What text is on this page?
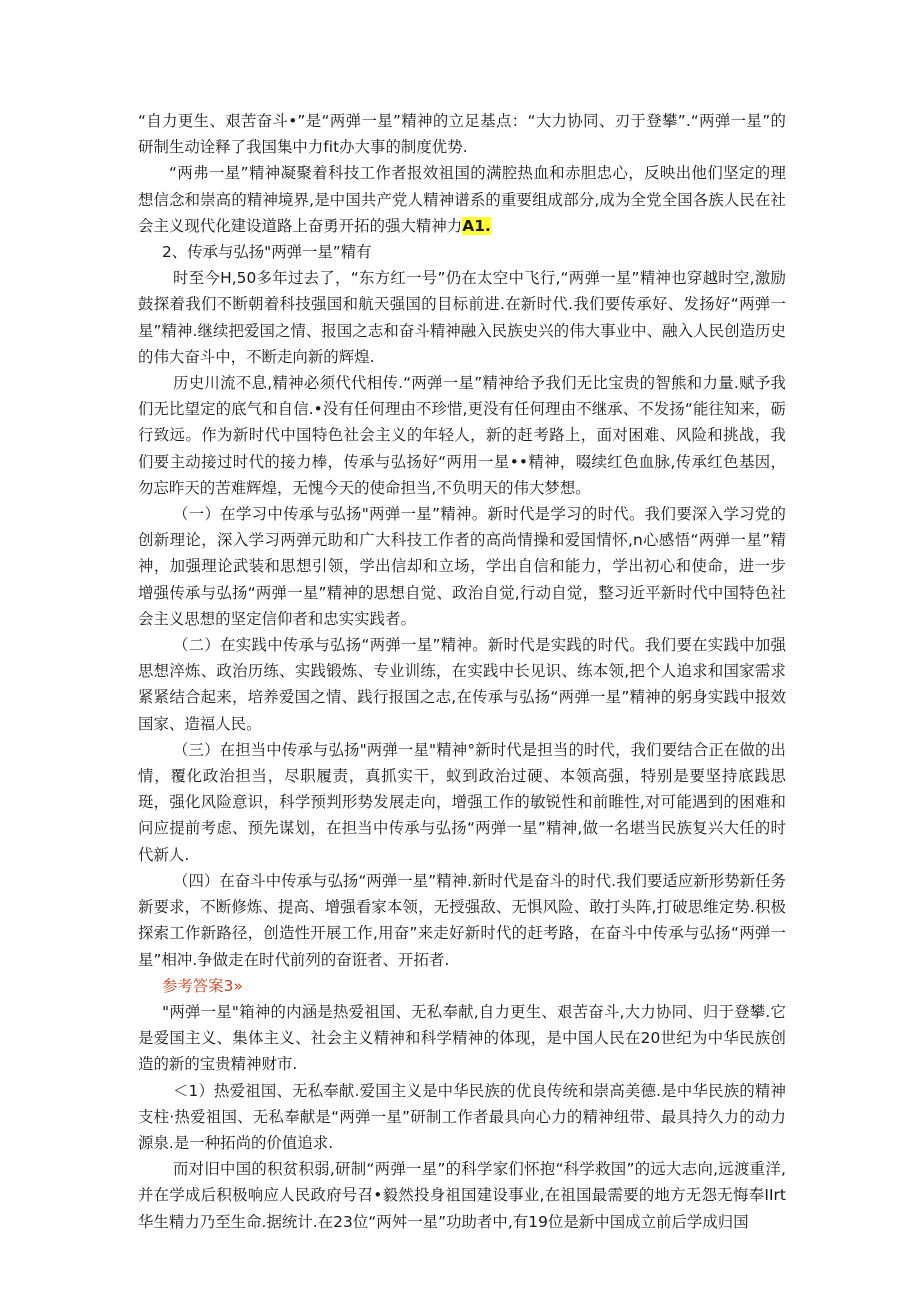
“自力更生、艰苦奋斗•”是“两弹一星”精神的立足基点：“大力协同、刃于登攀”.“两弹一星”的研制生动诠释了我国集中力fit办大事的制度优势.

“两弗一星”精神凝聚着科技工作者报效祖国的满腔热血和赤胆忠心，反映出他们坚定的理想信念和崇高的精神境界,是中国共产党人精神谱系的重要组成部分,成为全党全国各族人民在社会主义现代化建设道路上奋勇开拓的强大精神力A1.

2、传承与弘扬"两弹一星”精有

时至今H,50多年过去了，“东方红一号”仍在太空中飞行,“两弹一星”精神也穿越时空,激励鼓探着我们不断朝着科技强国和航天强国的目标前进.在新时代.我们要传承好、发扬好“两弹一星”精神.继续把爱国之情、报国之志和奋斗精神融入民族史兴的伟大事业中、融入人民创造历史的伟大奋斗中，不断走向新的辉煌.

历史川流不息,精神必须代代相传.“两弹一星”精神给予我们无比宝贵的智熊和力量.赋予我们无比望定的底气和自信.•没有任何理由不珍惜,更没有任何理由不继承、不发扬“能往知来，砺行致远。作为新时代中国特色社会主义的年轻人，新的赶考路上，面对困难、风险和挑战，我们要主动接过时代的接力棒，传承与弘扬好“两用一星••精神，啜续红色血脉,传承红色基因，勿忘昨天的苦难辉煌，无愧今天的使命担当,不负明天的伟大梦想。

（一）在学习中传承与弘扬"两弹一星”精神。新时代是学习的时代。我们要深入学习党的创新理论，深入学习两弹元助和广大科技工作者的高尚情操和爱国情怀,n心感悟“两弹一星”精神，加强理论武装和思想引领，学出信却和立场，学出自信和能力，学出初心和使命，进一步增强传承与弘扬“两弹一星”精神的思想自觉、政治自觉,行动自觉，整习近平新时代中国特色社会主义思想的坚定信仰者和忠实实践者。

（二）在实践中传承与弘扬“两弹一星”精神。新时代是实践的时代。我们要在实践中加强思想淬炼、政治历练、实践锻炼、专业训练，在实践中长见识、练本领,把个人追求和国家需求紧紧结合起来，培养爱国之情、践行报国之志,在传承与弘扬“两弹一星”精神的躬身实践中报效国家、造福人民。

（三）在担当中传承与弘扬"两弹一星"精神°新时代是担当的时代，我们要结合正在做的出情，覆化政治担当，尽职履责，真抓实干，蚁到政治过硬、本领高强，特别是要坚持底践思珽，强化风险意识，科学预判形势发展走向，增强工作的敏锐性和前睢性,对可能遇到的困难和问应提前考虑、预先谋划，在担当中传承与弘扬“两弹一星”精神,做一名堪当民族复兴大任的时代新人.

（四）在奋斗中传承与弘扬“两弹一星”精神.新时代是奋斗的时代.我们要适应新形势新任务新要求，不断修炼、提高、增强看家本领，无授强敌、无惧风险、敢打头阵,打破思维定势.积极探索工作新路径，创造性开展工作,用奋”来走好新时代的赶考路，在奋斗中传承与弘扬“两弹一星”相冲.争做走在时代前列的奋诳者、开拓者.

参考答案3»

"两弹一星"箱神的内涵是热爱祖国、无私奉献,自力更生、艰苦奋斗,大力协同、归于登攀.它是爱国主义、集体主义、社会主义精神和科学精神的体现，是中国人民在20世纪为中华民族创造的新的宝贵精神财市.

＜1）热爱祖国、无私奉献.爱国主义是中华民族的优良传统和崇高美德.是中华民族的精神支柱·热爱祖国、无私奉献是“两弹一星”研制工作者最具向心力的精神纽带、最具持久力的动力源泉.是一种拓尚的价值追求.

而对旧中国的积贫积弱,研制“两弹一星”的科学家们怀抱“科学救国”的远大志向,远渡重洋,并在学成后积极响应人民政府号召•毅然投身祖国建设事业,在祖国最需要的地方无怨无悔奉IIrt华生精力乃至生命.据统计.在23位“两舛一星”功助者中,有19位是新中国成立前后学成归国
